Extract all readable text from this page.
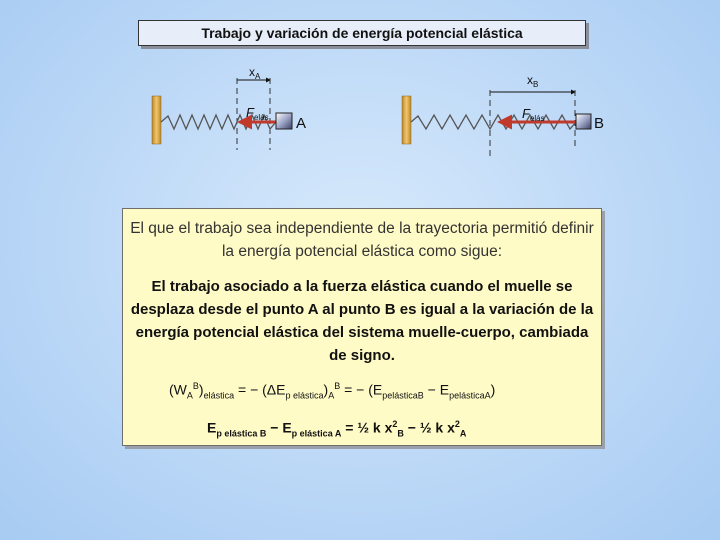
Trabajo y variación de energía potencial elástica
$x_A$	$x_B$
$F_{elás}$	$F_{elás}$
A	B

El que el trabajo sea independiente de la trayectoria permitió definir la energía potencial elástica como sigue:

El trabajo asociado a la fuerza elástica cuando el muelle se desplaza desde el punto A al punto B es igual a la variación de la energía potencial elástica del sistema muelle-cuerpo, cambiada de signo.

$(W_A^B)_{elástica}$ = − $(\Delta E_{p elástica})_A^B$ = − $(E_{pelásticaB} - E_{pelásticaA})$
$E_{p elástica B} - E_{p elástica A}$ = ½ k $x^2_B$ − ½ k $x^2_A$
